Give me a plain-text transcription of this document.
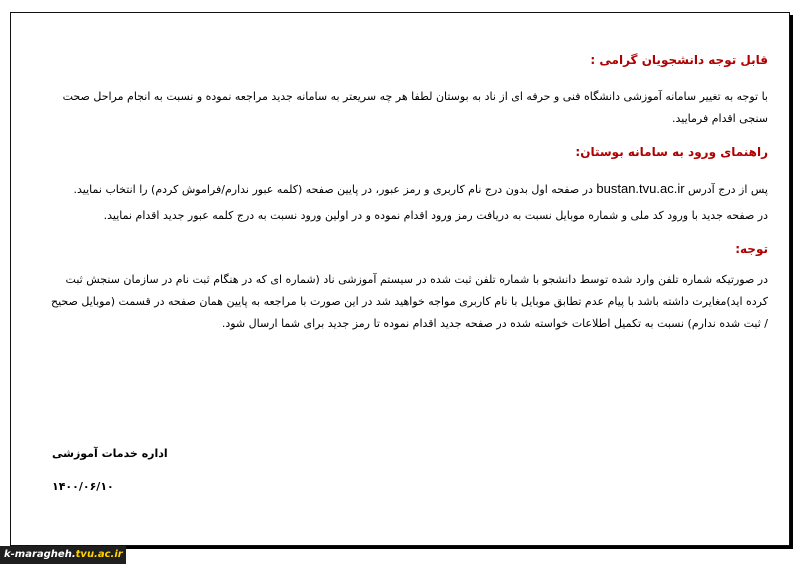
قابل توجه دانشجویان گرامی :

با توجه به تغییر سامانه آموزشی دانشگاه فنی و حرفه ای از ناد به بوستان لطفا هر چه سریعتر به سامانه جدید مراجعه نموده و نسبت به انجام مراحل صحت سنجی اقدام فرمایید.

راهنمای ورود به سامانه بوستان:

پس از درج آدرس bustan.tvu.ac.ir در صفحه اول بدون درج نام کاربری و رمز عبور، در پایین صفحه (کلمه عبور ندارم/فراموش کردم) را انتخاب نمایید.

در صفحه جدید با ورود کد ملی و شماره موبایل نسبت به دریافت رمز ورود اقدام نموده و در اولین ورود نسبت به درج کلمه عبور جدید اقدام نمایید.

توجه:

در صورتیکه شماره تلفن وارد شده توسط دانشجو با شماره تلفن ثبت شده در سیستم آموزشی ناد (شماره ای که در هنگام ثبت نام در سازمان سنجش ثبت کرده اید)مغایرت داشته باشد با پیام عدم تطابق موبایل با نام کاربری مواجه خواهید شد در این صورت با مراجعه به پایین همان صفحه در قسمت (موبایل صحیح / ثبت شده ندارم) نسبت به تکمیل اطلاعات خواسته شده در صفحه جدید اقدام نموده تا رمز جدید برای شما ارسال شود.

اداره خدمات آموزشی
۱۴۰۰/۰۶/۱۰
k-maragheh.tvu.ac.ir
